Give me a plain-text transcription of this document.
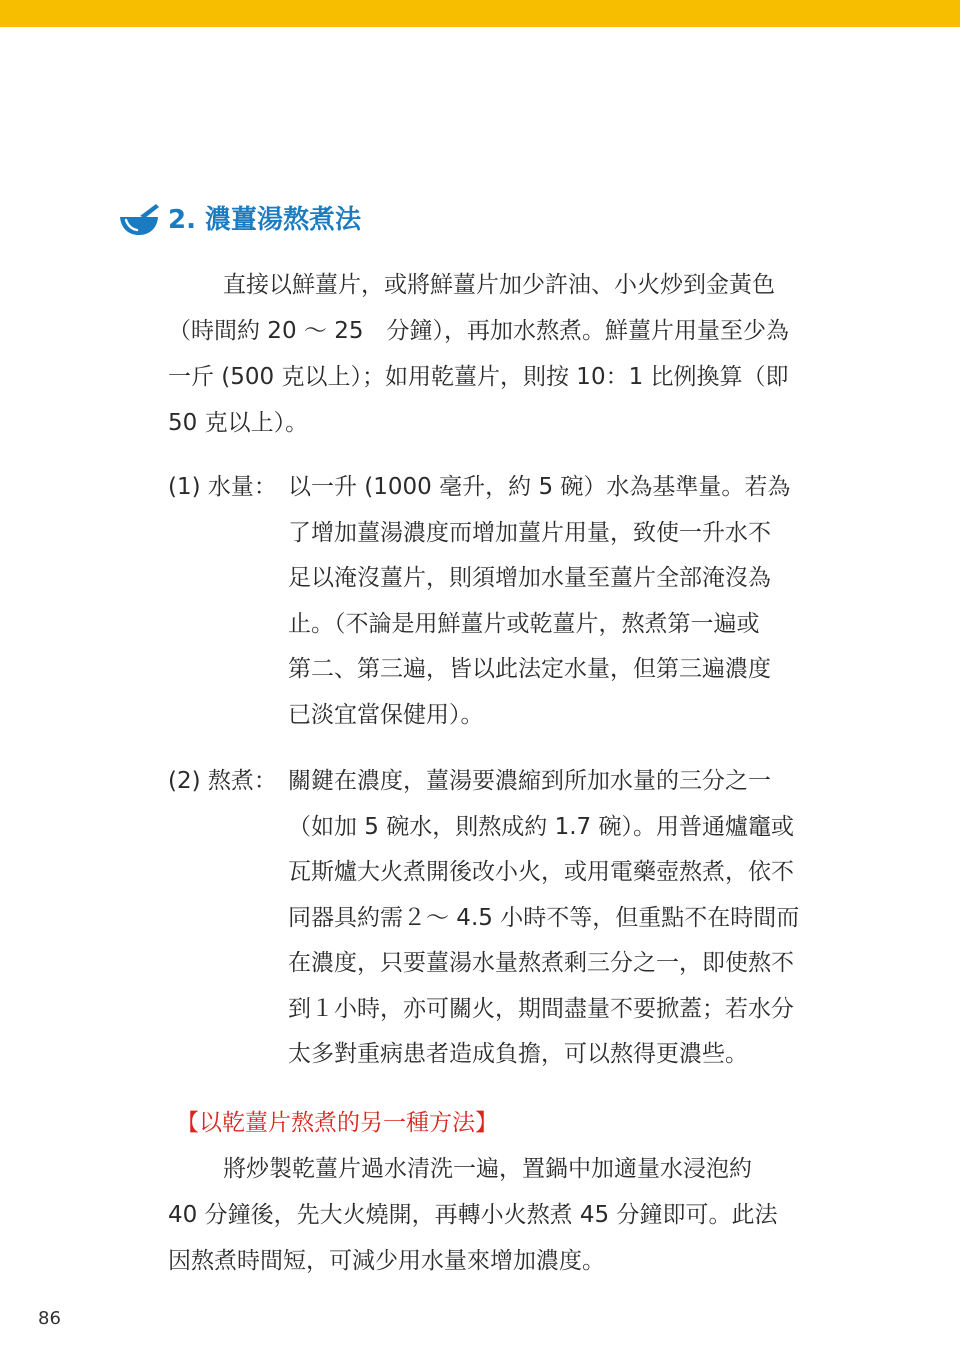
2. 濃薑湯熬煮法
直接以鮮薑片，或將鮮薑片加少許油、小火炒到金黃色
（時間約 20 ～ 25　分鐘），再加水熬煮。鮮薑片用量至少為
一斤 (500 克以上）；如用乾薑片，則按 10：1 比例換算（即
50 克以上）。
(1) 水量： 以一升 (1000 毫升，約 5 碗）水為基準量。若為
了增加薑湯濃度而增加薑片用量，致使一升水不
足以淹沒薑片，則須增加水量至薑片全部淹沒為
止。（不論是用鮮薑片或乾薑片，熬煮第一遍或
第二、第三遍，皆以此法定水量，但第三遍濃度
已淡宜當保健用）。
(2) 熬煮： 關鍵在濃度，薑湯要濃縮到所加水量的三分之一
（如加 5 碗水，則熬成約 1.7 碗）。用普通爐竈或
瓦斯爐大火煮開後改小火，或用電藥壺熬煮，依不
同器具約需２～ 4.5 小時不等，但重點不在時間而
在濃度，只要薑湯水量熬煮剩三分之一，即使熬不
到１小時，亦可關火，期間盡量不要掀蓋；若水分
太多對重病患者造成負擔，可以熬得更濃些。
【以乾薑片熬煮的另一種方法】
將炒製乾薑片過水清洗一遍，置鍋中加適量水浸泡約
40 分鐘後，先大火燒開，再轉小火熬煮 45 分鐘即可。此法
因熬煮時間短，可減少用水量來增加濃度。
86
